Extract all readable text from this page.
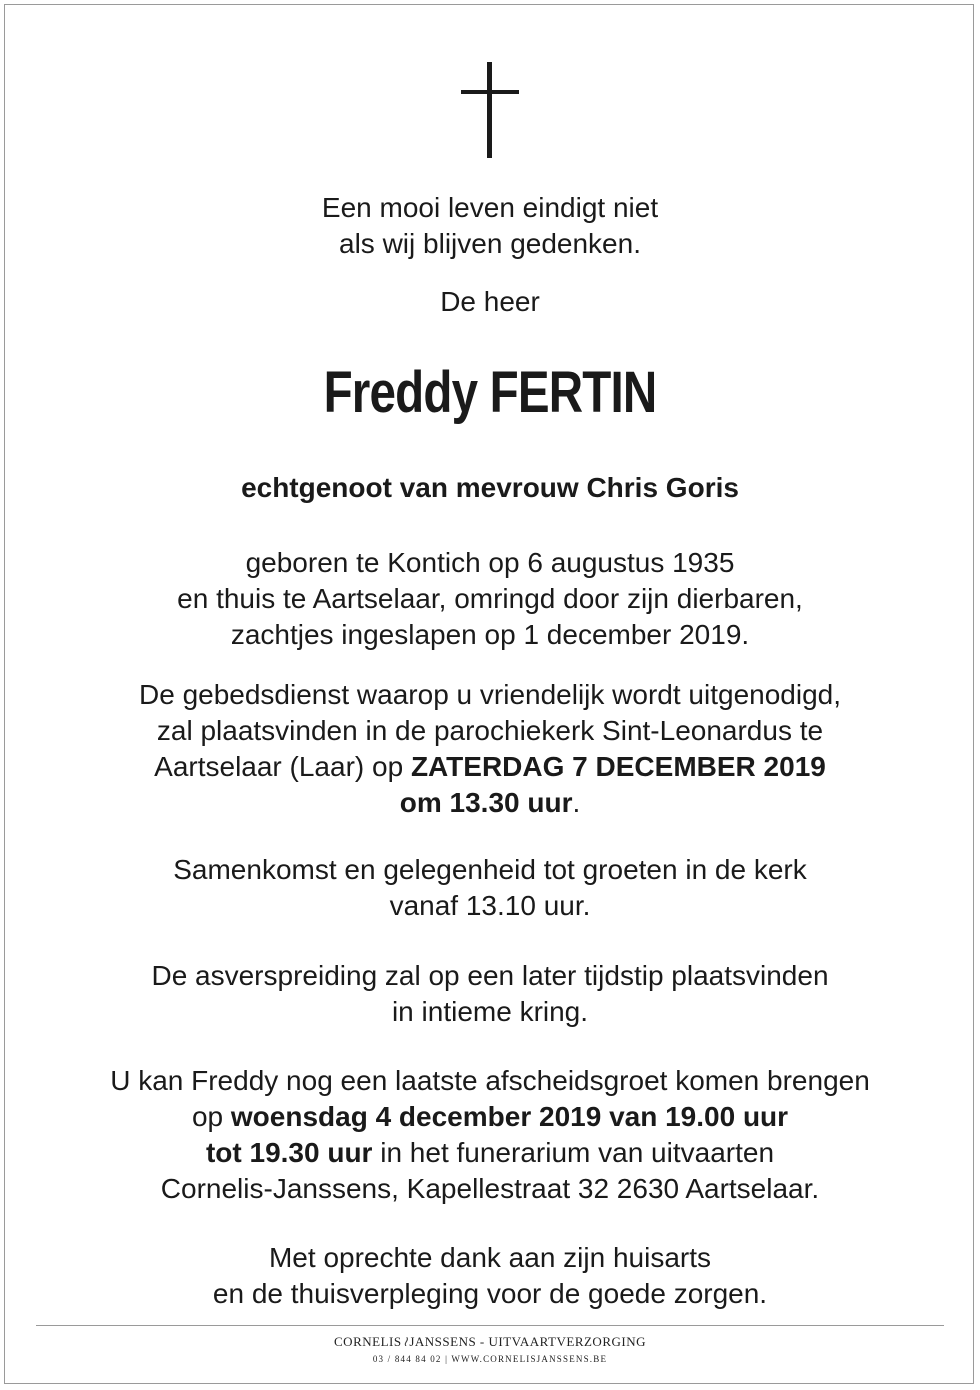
Een mooi leven eindigt niet
als wij blijven gedenken.
De heer
Freddy FERTIN
echtgenoot van mevrouw Chris Goris
geboren te Kontich op 6 augustus 1935
en thuis te Aartselaar, omringd door zijn dierbaren,
zachtjes ingeslapen op 1 december 2019.
De gebedsdienst waarop u vriendelijk wordt uitgenodigd,
zal plaatsvinden in de parochiekerk Sint-Leonardus te
Aartselaar (Laar) op ZATERDAG 7 DECEMBER 2019
om 13.30 uur.
Samenkomst en gelegenheid tot groeten in de kerk
vanaf 13.10 uur.
De asverspreiding zal op een later tijdstip plaatsvinden
in intieme kring.
U kan Freddy nog een laatste afscheidsgroet komen brengen
op woensdag 4 december 2019 van 19.00 uur
tot 19.30 uur in het funerarium van uitvaarten
Cornelis-Janssens, Kapellestraat 32 2630 Aartselaar.
Met oprechte dank aan zijn huisarts
en de thuisverpleging voor de goede zorgen.
CORNELIS≀JANSSENS - UITVAARTVERZORGING
03 / 844 84 02 | WWW.CORNELISJANSSENS.BE
